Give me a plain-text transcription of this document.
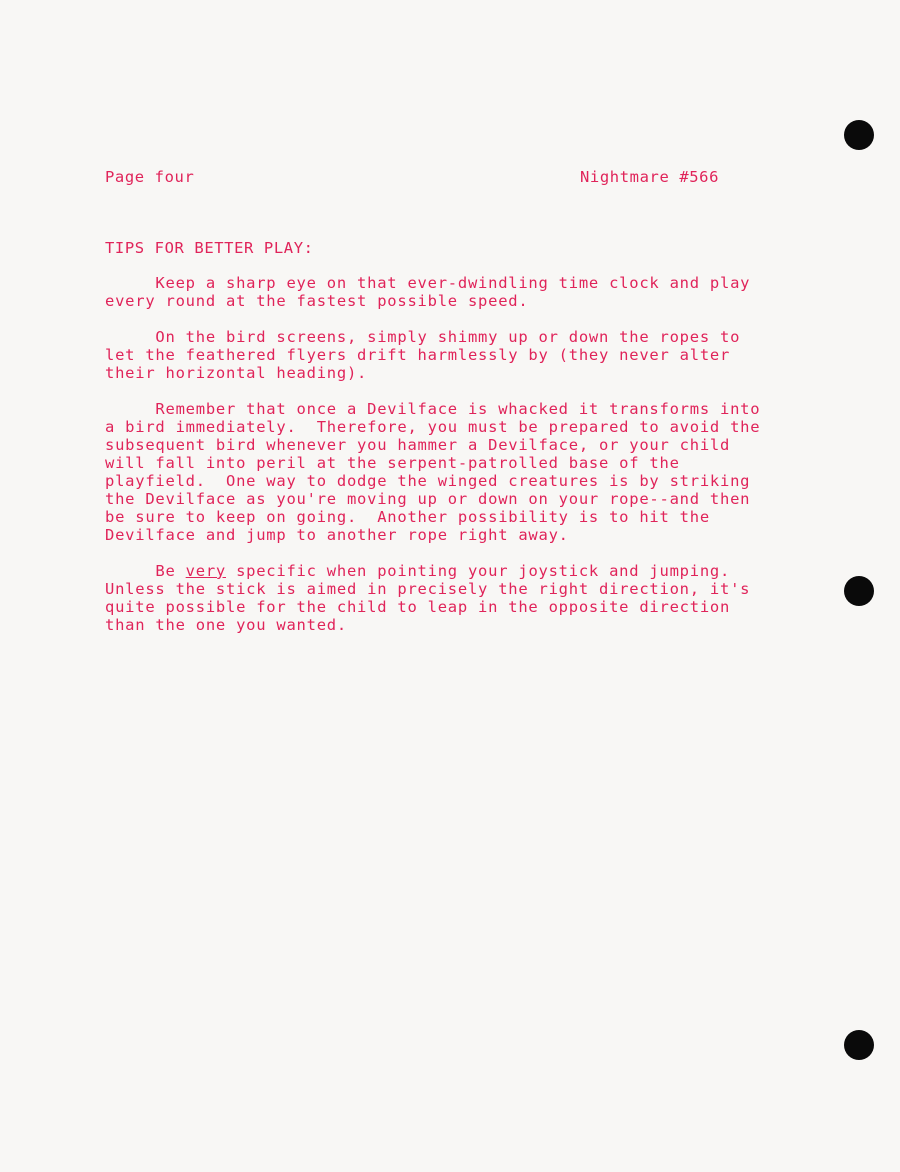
Page four	Nightmare #566
TIPS FOR BETTER PLAY:
Keep a sharp eye on that ever-dwindling time clock and play
every round at the fastest possible speed.
On the bird screens, simply shimmy up or down the ropes to
let the feathered flyers drift harmlessly by (they never alter
their horizontal heading).
Remember that once a Devilface is whacked it transforms into
a bird immediately.  Therefore, you must be prepared to avoid the
subsequent bird whenever you hammer a Devilface, or your child
will fall into peril at the serpent-patrolled base of the
playfield.  One way to dodge the winged creatures is by striking
the Devilface as you're moving up or down on your rope--and then
be sure to keep on going.  Another possibility is to hit the
Devilface and jump to another rope right away.
Be very specific when pointing your joystick and jumping.
Unless the stick is aimed in precisely the right direction, it's
quite possible for the child to leap in the opposite direction
than the one you wanted.
